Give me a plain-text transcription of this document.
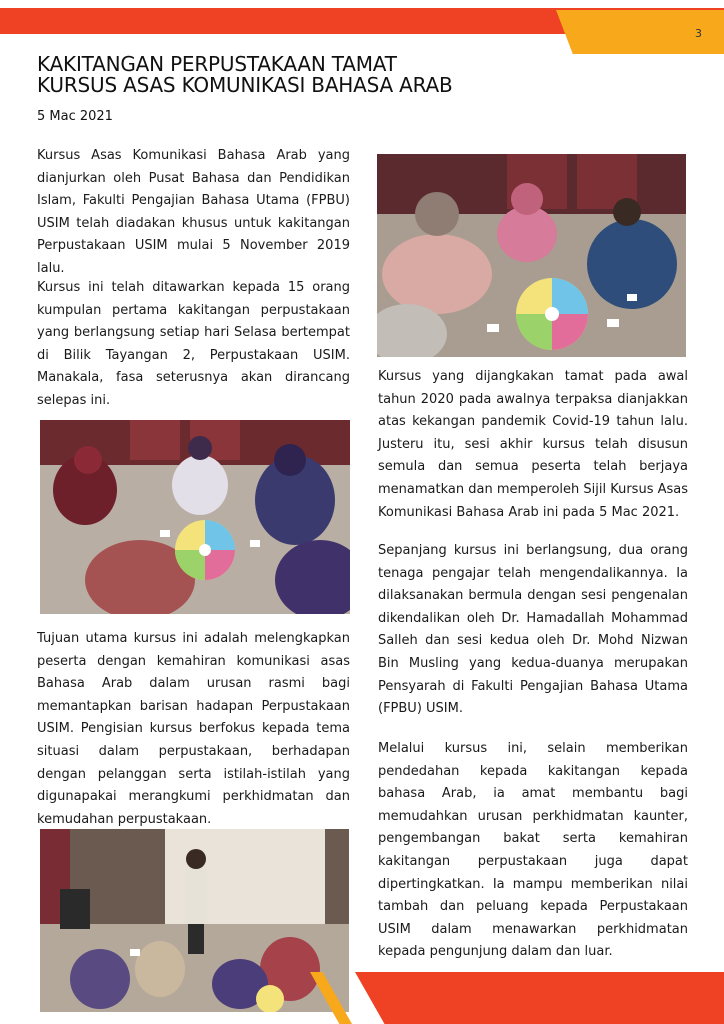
3
KAKITANGAN PERPUSTAKAAN TAMAT
KURSUS ASAS KOMUNIKASI BAHASA ARAB
5 Mac 2021

Kursus Asas Komunikasi Bahasa Arab yang dianjurkan oleh Pusat Bahasa dan Pendidikan Islam, Fakulti Pengajian Bahasa Utama (FPBU) USIM telah diadakan khusus untuk kakitangan Perpustakaan USIM mulai 5 November 2019 lalu.

Kursus ini telah ditawarkan kepada 15 orang kumpulan pertama kakitangan perpustakaan yang berlangsung setiap hari Selasa bertempat di Bilik Tayangan 2, Perpustakaan USIM. Manakala, fasa seterusnya akan dirancang selepas ini.

Tujuan utama kursus ini adalah melengkapkan peserta dengan kemahiran komunikasi asas Bahasa Arab dalam urusan rasmi bagi memantapkan barisan hadapan Perpustakaan USIM. Pengisian kursus berfokus kepada tema situasi dalam perpustakaan, berhadapan dengan pelanggan serta istilah-istilah yang digunapakai merangkumi perkhidmatan dan kemudahan perpustakaan.

Kursus yang dijangkakan tamat pada awal tahun 2020 pada awalnya terpaksa dianjakkan atas kekangan pandemik Covid-19 tahun lalu. Justeru itu, sesi akhir kursus telah disusun semula dan semua peserta telah berjaya menamatkan dan memperoleh Sijil Kursus Asas Komunikasi Bahasa Arab ini pada 5 Mac 2021.

Sepanjang kursus ini berlangsung, dua orang tenaga pengajar telah mengendalikannya. Ia dilaksanakan bermula dengan sesi pengenalan dikendalikan oleh Dr. Hamadallah Mohammad Salleh dan sesi kedua oleh Dr. Mohd Nizwan Bin Musling yang kedua-duanya merupakan Pensyarah di Fakulti Pengajian Bahasa Utama (FPBU) USIM.

Melalui kursus ini, selain memberikan pendedahan kepada kakitangan kepada bahasa Arab, ia amat membantu bagi memudahkan urusan perkhidmatan kaunter, pengembangan bakat serta kemahiran kakitangan perpustakaan juga dapat dipertingkatkan. Ia mampu memberikan nilai tambah dan peluang kepada Perpustakaan USIM dalam menawarkan perkhidmatan kepada pengunjung dalam dan luar.
